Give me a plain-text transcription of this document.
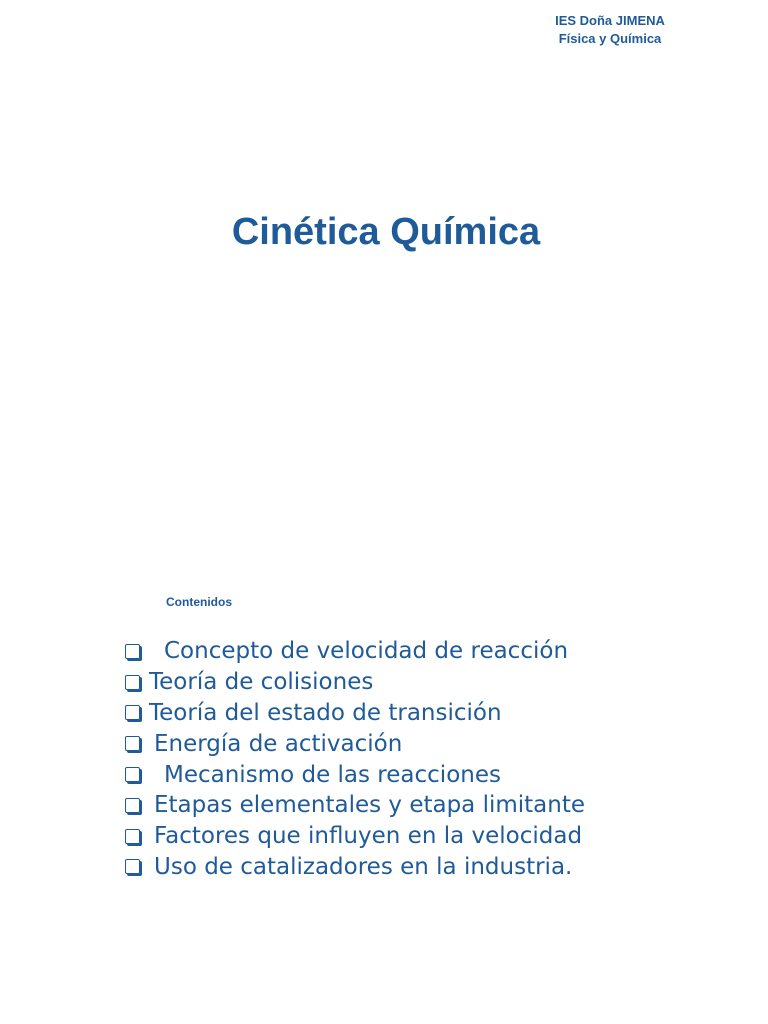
IES Doña JIMENA
Física y Química
Cinética Química
Contenidos
Concepto de velocidad de reacción
Teoría de colisiones
Teoría del estado de transición
Energía de activación
Mecanismo de las reacciones
Etapas elementales y etapa limitante
Factores que influyen en la velocidad
Uso de catalizadores en la industria.
